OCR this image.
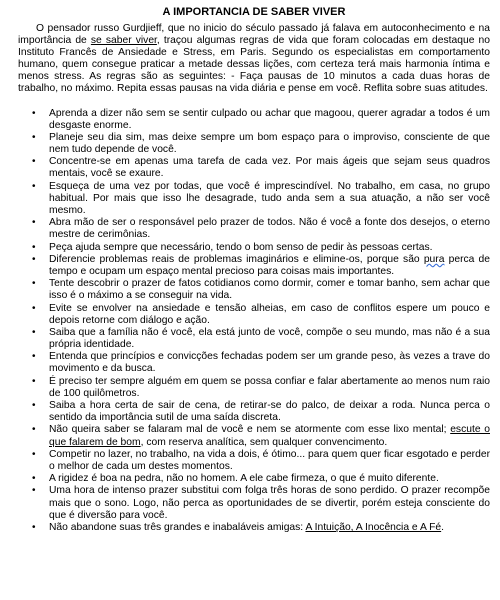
A IMPORTANCIA DE SABER VIVER

O pensador russo Gurdjieff, que no inicio do século passado já falava em autoconhecimento e na importância de se saber viver, traçou algumas regras de vida que foram colocadas em destaque no Instituto Francês de Ansiedade e Stress, em Paris. Segundo os especialistas em comportamento humano, quem consegue praticar a metade dessas lições, com certeza terá mais harmonia íntima e menos stress. As regras são as seguintes: - Faça pausas de 10 minutos a cada duas horas de trabalho, no máximo. Repita essas pausas na vida diária e pense em você. Reflita sobre suas atitudes.

• Aprenda a dizer não sem se sentir culpado ou achar que magoou, querer agradar a todos é um desgaste enorme.
• Planeje seu dia sim, mas deixe sempre um bom espaço para o improviso, consciente de que nem tudo depende de você.
• Concentre-se em apenas uma tarefa de cada vez. Por mais ágeis que sejam seus quadros mentais, você se exaure.
• Esqueça de uma vez por todas, que você é imprescindível. No trabalho, em casa, no grupo habitual. Por mais que isso lhe desagrade, tudo anda sem a sua atuação, a não ser você mesmo.
• Abra mão de ser o responsável pelo prazer de todos. Não é você a fonte dos desejos, o eterno mestre de cerimônias.
• Peça ajuda sempre que necessário, tendo o bom senso de pedir às pessoas certas.
• Diferencie problemas reais de problemas imaginários e elimine-os, porque são pura perca de tempo e ocupam um espaço mental precioso para coisas mais importantes.
• Tente descobrir o prazer de fatos cotidianos como dormir, comer e tomar banho, sem achar que isso é o máximo a se conseguir na vida.
• Evite se envolver na ansiedade e tensão alheias, em caso de conflitos espere um pouco e depois retorne com diálogo e ação.
• Saiba que a família não é você, ela está junto de você, compõe o seu mundo, mas não é a sua própria identidade.
• Entenda que princípios e convicções fechadas podem ser um grande peso, às vezes a trave do movimento e da busca.
• É preciso ter sempre alguém em quem se possa confiar e falar abertamente ao menos num raio de 100 quilômetros.
• Saiba a hora certa de sair de cena, de retirar-se do palco, de deixar a roda. Nunca perca o sentido da importância sutil de uma saída discreta.
• Não queira saber se falaram mal de você e nem se atormente com esse lixo mental; escute o que falarem de bom, com reserva analítica, sem qualquer convencimento.
• Competir no lazer, no trabalho, na vida a dois, é ótimo... para quem quer ficar esgotado e perder o melhor de cada um destes momentos.
• A rigidez é boa na pedra, não no homem. A ele cabe firmeza, o que é muito diferente.
• Uma hora de intenso prazer substitui com folga três horas de sono perdido. O prazer recompõe mais que o sono. Logo, não perca as oportunidades de se divertir, porém esteja consciente do que é diversão para você.
• Não abandone suas três grandes e inabaláveis amigas: A Intuição, A Inocência e A Fé.
